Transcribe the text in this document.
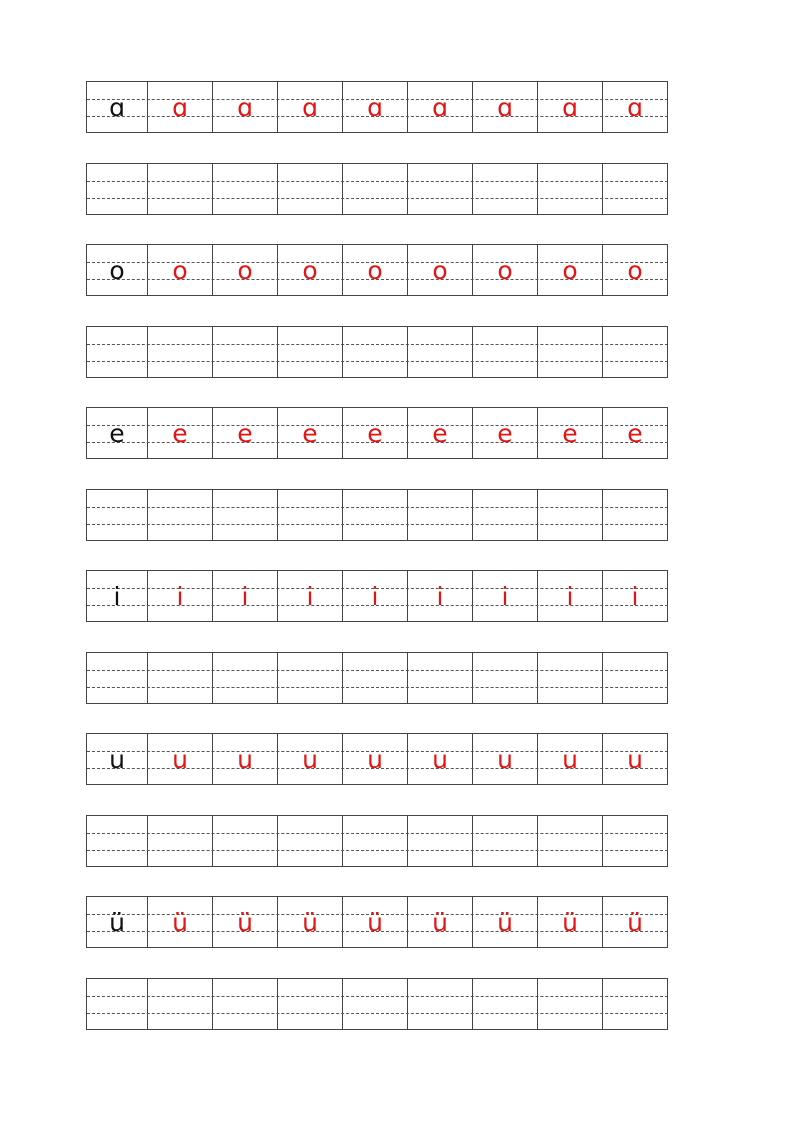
ɑ	ɑ	ɑ	ɑ	ɑ	ɑ	ɑ	ɑ	ɑ
o	o	o	o	o	o	o	o	o
e	e	e	e	e	e	e	e	e
i	i	i	i	i	i	i	i	i
u	u	u	u	u	u	u	u	u
ü	ü	ü	ü	ü	ü	ü	ü	ü
